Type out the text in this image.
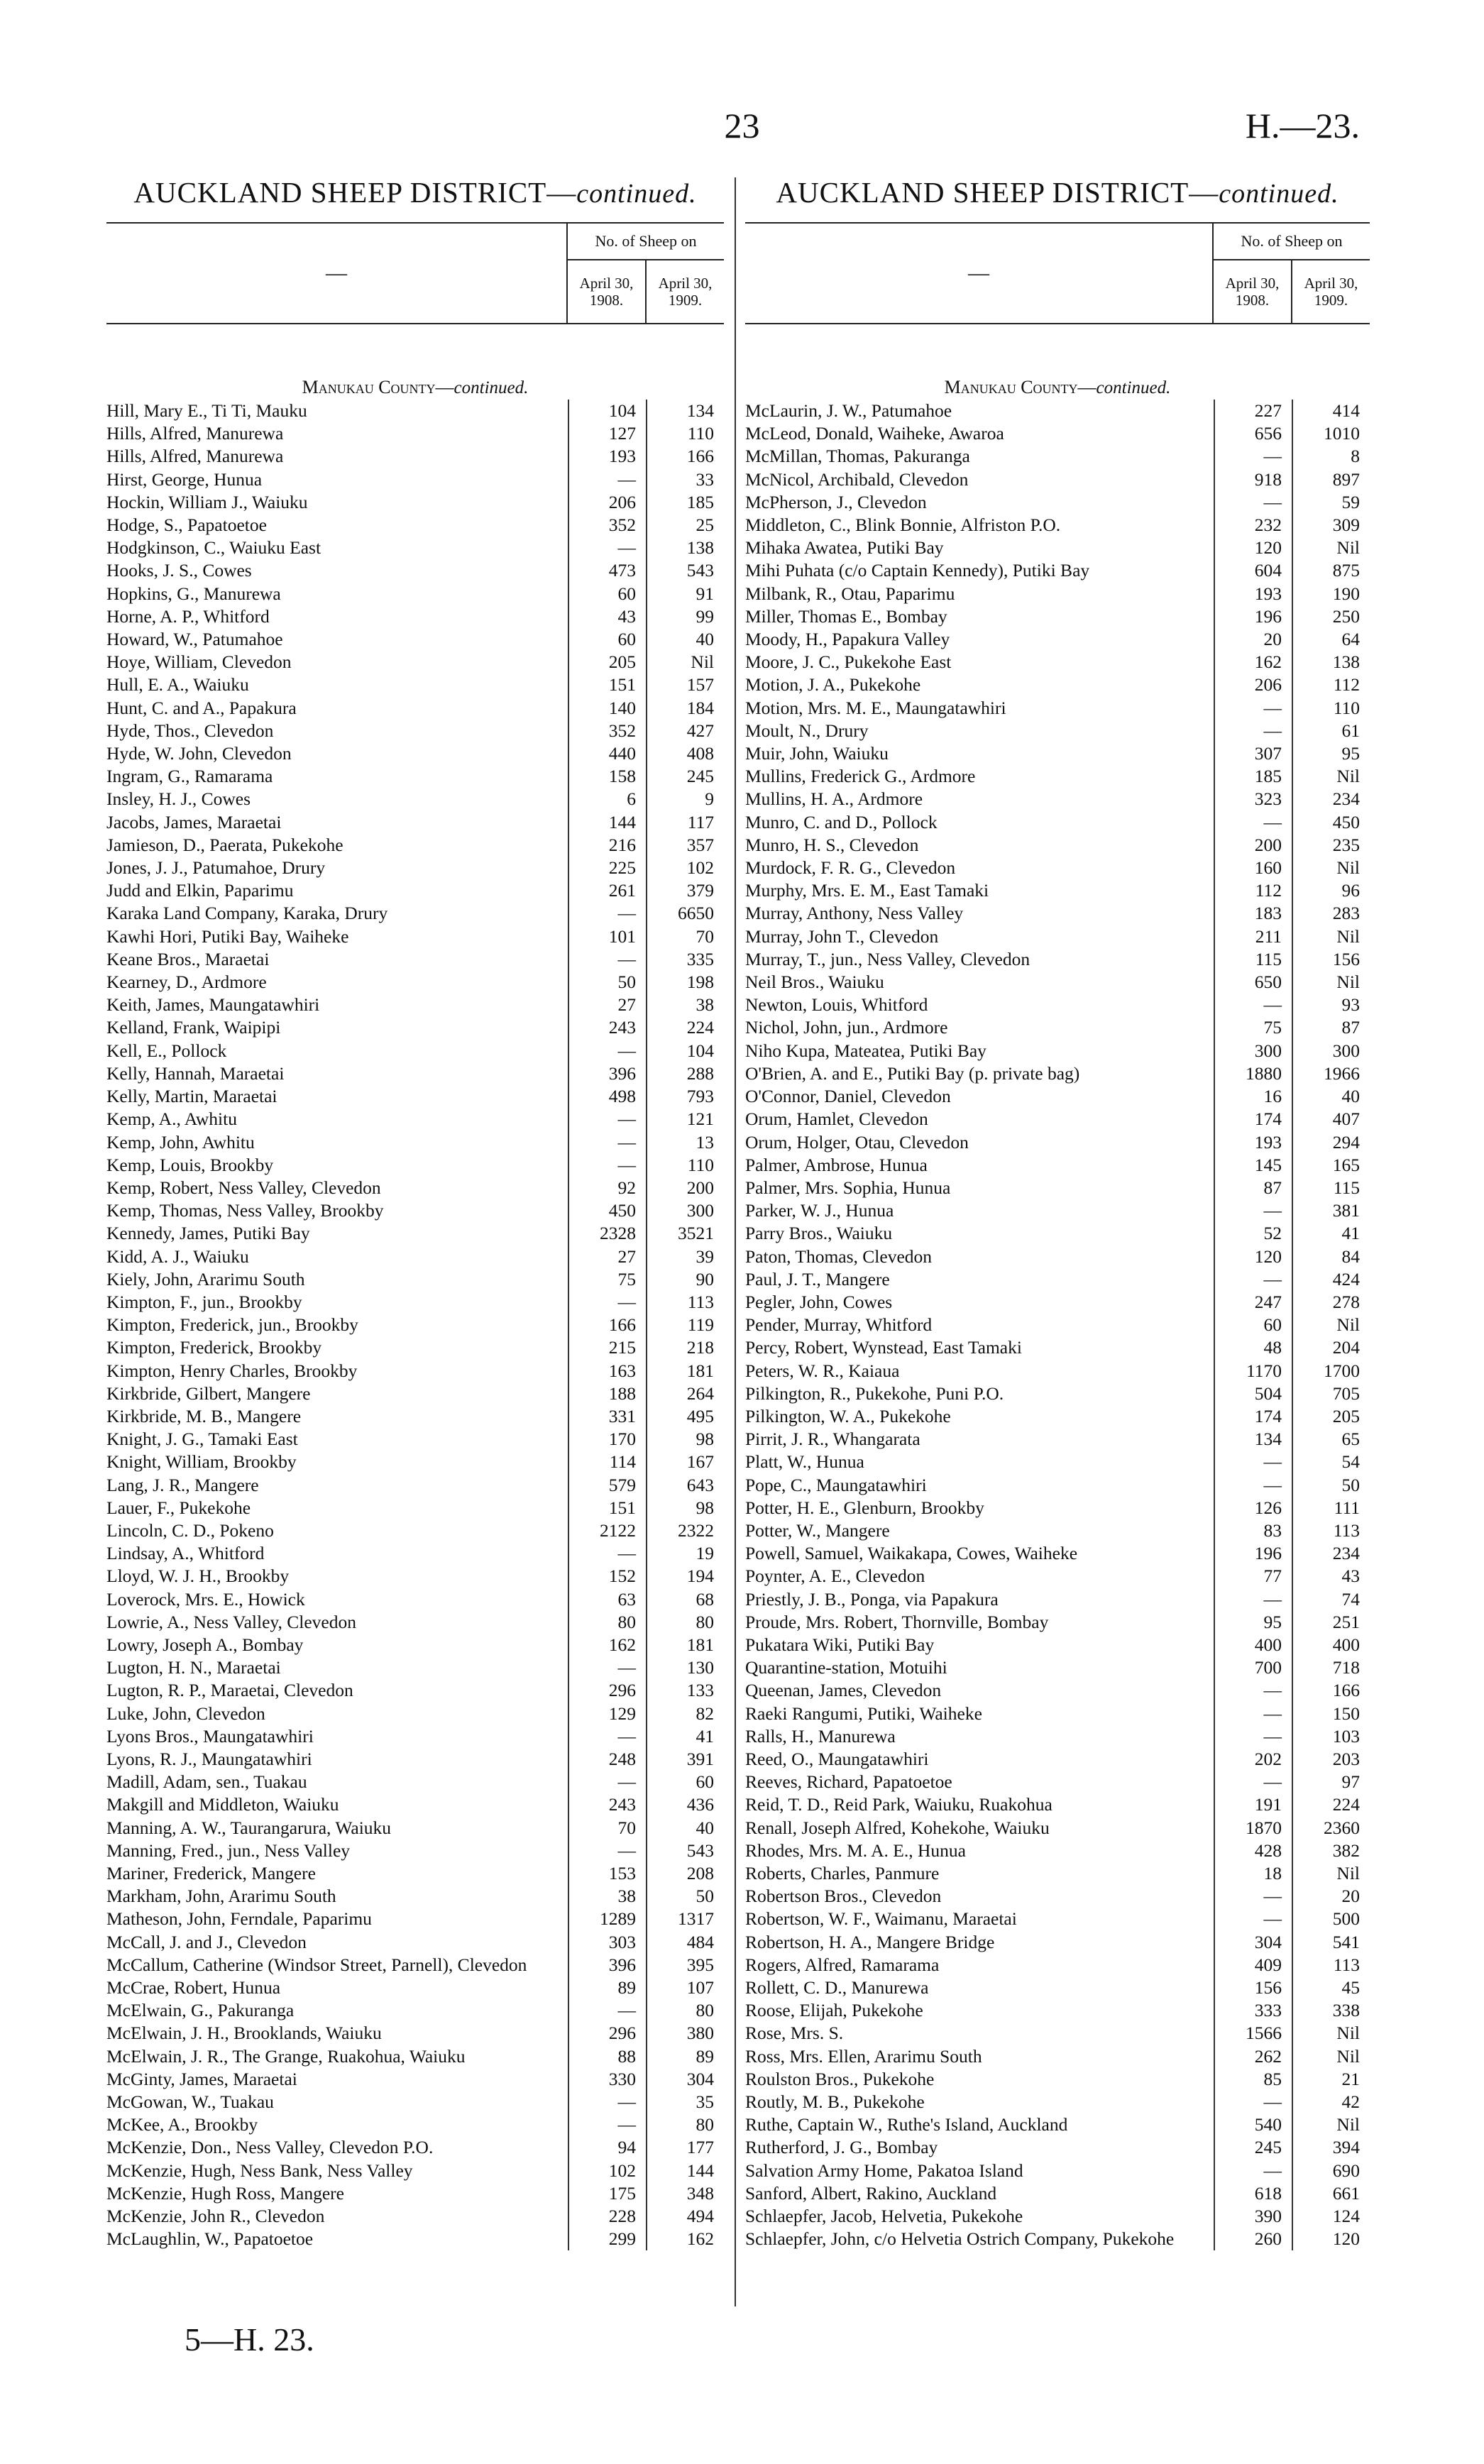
23	H.—23.
AUCKLAND SHEEP DISTRICT—continued.
—
No. of Sheep on
April 30, 1908.
April 30, 1909.
Manukau County—continued.
Hill, Mary E., Ti Ti, Mauku	104	134
Hills, Alfred, Manurewa	127	110
Hills, Alfred, Manurewa	193	166
Hirst, George, Hunua	—	33
Hockin, William J., Waiuku	206	185
Hodge, S., Papatoetoe	352	25
Hodgkinson, C., Waiuku East	—	138
Hooks, J. S., Cowes	473	543
Hopkins, G., Manurewa	60	91
Horne, A. P., Whitford	43	99
Howard, W., Patumahoe	60	40
Hoye, William, Clevedon	205	Nil
Hull, E. A., Waiuku	151	157
Hunt, C. and A., Papakura	140	184
Hyde, Thos., Clevedon	352	427
Hyde, W. John, Clevedon	440	408
Ingram, G., Ramarama	158	245
Insley, H. J., Cowes	6	9
Jacobs, James, Maraetai	144	117
Jamieson, D., Paerata, Pukekohe	216	357
Jones, J. J., Patumahoe, Drury	225	102
Judd and Elkin, Paparimu	261	379
Karaka Land Company, Karaka, Drury	—	6650
Kawhi Hori, Putiki Bay, Waiheke	101	70
Keane Bros., Maraetai	—	335
Kearney, D., Ardmore	50	198
Keith, James, Maungatawhiri	27	38
Kelland, Frank, Waipipi	243	224
Kell, E., Pollock	—	104
Kelly, Hannah, Maraetai	396	288
Kelly, Martin, Maraetai	498	793
Kemp, A., Awhitu	—	121
Kemp, John, Awhitu	—	13
Kemp, Louis, Brookby	—	110
Kemp, Robert, Ness Valley, Clevedon	92	200
Kemp, Thomas, Ness Valley, Brookby	450	300
Kennedy, James, Putiki Bay	2328	3521
Kidd, A. J., Waiuku	27	39
Kiely, John, Ararimu South	75	90
Kimpton, F., jun., Brookby	—	113
Kimpton, Frederick, jun., Brookby	166	119
Kimpton, Frederick, Brookby	215	218
Kimpton, Henry Charles, Brookby	163	181
Kirkbride, Gilbert, Mangere	188	264
Kirkbride, M. B., Mangere	331	495
Knight, J. G., Tamaki East	170	98
Knight, William, Brookby	114	167
Lang, J. R., Mangere	579	643
Lauer, F., Pukekohe	151	98
Lincoln, C. D., Pokeno	2122	2322
Lindsay, A., Whitford	—	19
Lloyd, W. J. H., Brookby	152	194
Loverock, Mrs. E., Howick	63	68
Lowrie, A., Ness Valley, Clevedon	80	80
Lowry, Joseph A., Bombay	162	181
Lugton, H. N., Maraetai	—	130
Lugton, R. P., Maraetai, Clevedon	296	133
Luke, John, Clevedon	129	82
Lyons Bros., Maungatawhiri	—	41
Lyons, R. J., Maungatawhiri	248	391
Madill, Adam, sen., Tuakau	—	60
Makgill and Middleton, Waiuku	243	436
Manning, A. W., Taurangarura, Waiuku	70	40
Manning, Fred., jun., Ness Valley	—	543
Mariner, Frederick, Mangere	153	208
Markham, John, Ararimu South	38	50
Matheson, John, Ferndale, Paparimu	1289	1317
McCall, J. and J., Clevedon	303	484
McCallum, Catherine (Windsor Street, Parnell), Clevedon	396	395
McCrae, Robert, Hunua	89	107
McElwain, G., Pakuranga	—	80
McElwain, J. H., Brooklands, Waiuku	296	380
McElwain, J. R., The Grange, Ruakohua, Waiuku	88	89
McGinty, James, Maraetai	330	304
McGowan, W., Tuakau	—	35
McKee, A., Brookby	—	80
McKenzie, Don., Ness Valley, Clevedon P.O.	94	177
McKenzie, Hugh, Ness Bank, Ness Valley	102	144
McKenzie, Hugh Ross, Mangere	175	348
McKenzie, John R., Clevedon	228	494
McLaughlin, W., Papatoetoe	299	162
AUCKLAND SHEEP DISTRICT—continued.
—
No. of Sheep on
April 30, 1908.
April 30, 1909.
Manukau County—continued.
McLaurin, J. W., Patumahoe	227	414
McLeod, Donald, Waiheke, Awaroa	656	1010
McMillan, Thomas, Pakuranga	—	8
McNicol, Archibald, Clevedon	918	897
McPherson, J., Clevedon	—	59
Middleton, C., Blink Bonnie, Alfriston P.O.	232	309
Mihaka Awatea, Putiki Bay	120	Nil
Mihi Puhata (c/o Captain Kennedy), Putiki Bay	604	875
Milbank, R., Otau, Paparimu	193	190
Miller, Thomas E., Bombay	196	250
Moody, H., Papakura Valley	20	64
Moore, J. C., Pukekohe East	162	138
Motion, J. A., Pukekohe	206	112
Motion, Mrs. M. E., Maungatawhiri	—	110
Moult, N., Drury	—	61
Muir, John, Waiuku	307	95
Mullins, Frederick G., Ardmore	185	Nil
Mullins, H. A., Ardmore	323	234
Munro, C. and D., Pollock	—	450
Munro, H. S., Clevedon	200	235
Murdock, F. R. G., Clevedon	160	Nil
Murphy, Mrs. E. M., East Tamaki	112	96
Murray, Anthony, Ness Valley	183	283
Murray, John T., Clevedon	211	Nil
Murray, T., jun., Ness Valley, Clevedon	115	156
Neil Bros., Waiuku	650	Nil
Newton, Louis, Whitford	—	93
Nichol, John, jun., Ardmore	75	87
Niho Kupa, Mateatea, Putiki Bay	300	300
O'Brien, A. and E., Putiki Bay (p. private bag)	1880	1966
O'Connor, Daniel, Clevedon	16	40
Orum, Hamlet, Clevedon	174	407
Orum, Holger, Otau, Clevedon	193	294
Palmer, Ambrose, Hunua	145	165
Palmer, Mrs. Sophia, Hunua	87	115
Parker, W. J., Hunua	—	381
Parry Bros., Waiuku	52	41
Paton, Thomas, Clevedon	120	84
Paul, J. T., Mangere	—	424
Pegler, John, Cowes	247	278
Pender, Murray, Whitford	60	Nil
Percy, Robert, Wynstead, East Tamaki	48	204
Peters, W. R., Kaiaua	1170	1700
Pilkington, R., Pukekohe, Puni P.O.	504	705
Pilkington, W. A., Pukekohe	174	205
Pirrit, J. R., Whangarata	134	65
Platt, W., Hunua	—	54
Pope, C., Maungatawhiri	—	50
Potter, H. E., Glenburn, Brookby	126	111
Potter, W., Mangere	83	113
Powell, Samuel, Waikakapa, Cowes, Waiheke	196	234
Poynter, A. E., Clevedon	77	43
Priestly, J. B., Ponga, via Papakura	—	74
Proude, Mrs. Robert, Thornville, Bombay	95	251
Pukatara Wiki, Putiki Bay	400	400
Quarantine-station, Motuihi	700	718
Queenan, James, Clevedon	—	166
Raeki Rangumi, Putiki, Waiheke	—	150
Ralls, H., Manurewa	—	103
Reed, O., Maungatawhiri	202	203
Reeves, Richard, Papatoetoe	—	97
Reid, T. D., Reid Park, Waiuku, Ruakohua	191	224
Renall, Joseph Alfred, Kohekohe, Waiuku	1870	2360
Rhodes, Mrs. M. A. E., Hunua	428	382
Roberts, Charles, Panmure	18	Nil
Robertson Bros., Clevedon	—	20
Robertson, W. F., Waimanu, Maraetai	—	500
Robertson, H. A., Mangere Bridge	304	541
Rogers, Alfred, Ramarama	409	113
Rollett, C. D., Manurewa	156	45
Roose, Elijah, Pukekohe	333	338
Rose, Mrs. S.	1566	Nil
Ross, Mrs. Ellen, Ararimu South	262	Nil
Roulston Bros., Pukekohe	85	21
Routly, M. B., Pukekohe	—	42
Ruthe, Captain W., Ruthe's Island, Auckland	540	Nil
Rutherford, J. G., Bombay	245	394
Salvation Army Home, Pakatoa Island	—	690
Sanford, Albert, Rakino, Auckland	618	661
Schlaepfer, Jacob, Helvetia, Pukekohe	390	124
Schlaepfer, John, c/o Helvetia Ostrich Company, Pukekohe	260	120
5—H. 23.
